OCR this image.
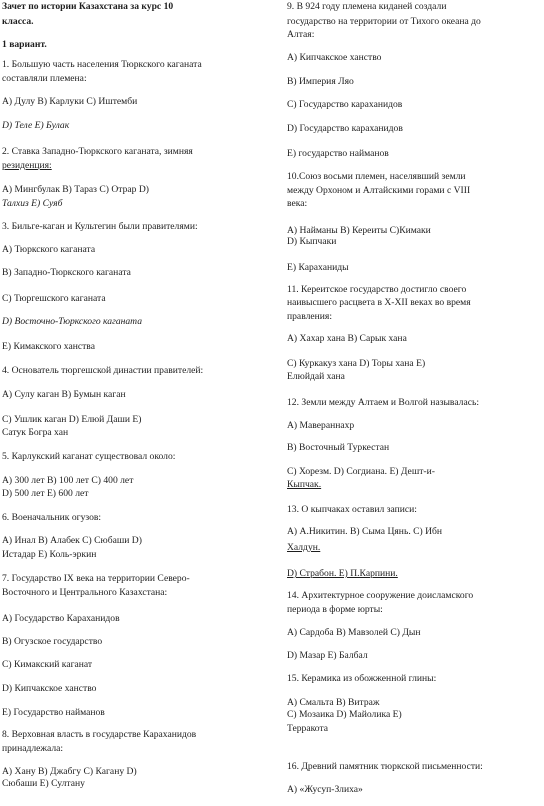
Зачет по истории Казахстана за курс 10
класса.
1 вариант.
1. Большую часть населения Тюркского каганата
составляли племена:
А) Дулу В) Карлуки С) Иштемби
D) Теле Е) Булак
2. Ставка Западно-Тюркского каганата, зимняя
резиденция:
А) Мингбулак В) Тараз С) Отрар D)
Талхиз Е) Суяб
3. Бильге-каган и Культегин были правителями:
А) Тюркского каганата
В) Западно-Тюркского каганата
С) Тюргешского каганата
D) Восточно-Тюркского каганата
Е) Кимакского ханства
4. Основатель тюргешской династии правителей:
А) Сулу каган В) Бумын каган
С) Ушлик каган D) Елюй Даши Е)
Сатук Богра хан
5. Карлукский каганат существовал около:
А) 300 лет В) 100 лет С) 400 лет
D) 500 лет Е) 600 лет
6. Военачальник огузов:
А) Инал В) Алабек С) Сюбаши D)
Истадар Е) Коль-эркин
7. Государство IX века на территории Северо-
Восточного и Центрального Казахстана:
А) Государство Караханидов
В) Огузское государство
С) Кимакский каганат
D) Кипчакское ханство
Е) Государство найманов
8. Верховная власть в государстве Караханидов
принадлежала:
А) Хану В) Джабгу С) Кагану D)
Сюбаши Е) Султану
9. В 924 году племена киданей создали
государство на территории от Тихого океана до
Алтая:
А) Кипчакское ханство
В) Империя Ляо
С) Государство караханидов
D) Государство караханидов
Е) государство найманов
10.Союз восьми племен, населявший земли
между Орхоном и Алтайскими горами с VIII
века:
А) Найманы В) Кереиты С)Кимаки
D) Кыпчаки
Е) Караханиды
11. Кереитское государство достигло своего
наивысшего расцвета в X-XII веках во время
правления:
А) Хахар хана В) Сарык хана
С) Куркакуз хана D) Торы хана Е)
Елюйдай хана
12. Земли между Алтаем и Волгой называлась:
А) Мавераннахр
В) Восточный Туркестан
С) Хорезм. D) Согдиана. Е) Дешт-и-
Кыпчак.
13. О кыпчаках оставил записи:
А) А.Никитин. В) Сыма Цянь. С) Ибн
Халдун.
D) Страбон. Е) П.Карпини.
14. Архитектурное сооружение доисламского
периода в форме юрты:
А) Сардоба В) Мавзолей С) Дын
D) Мазар Е) Балбал
15. Керамика из обожженной глины:
А) Смальта В) Витраж
С) Мозаика D) Майолика Е)
Терракота
16. Древний памятник тюркской письменности:
А) «Жусуп-Злиха»
